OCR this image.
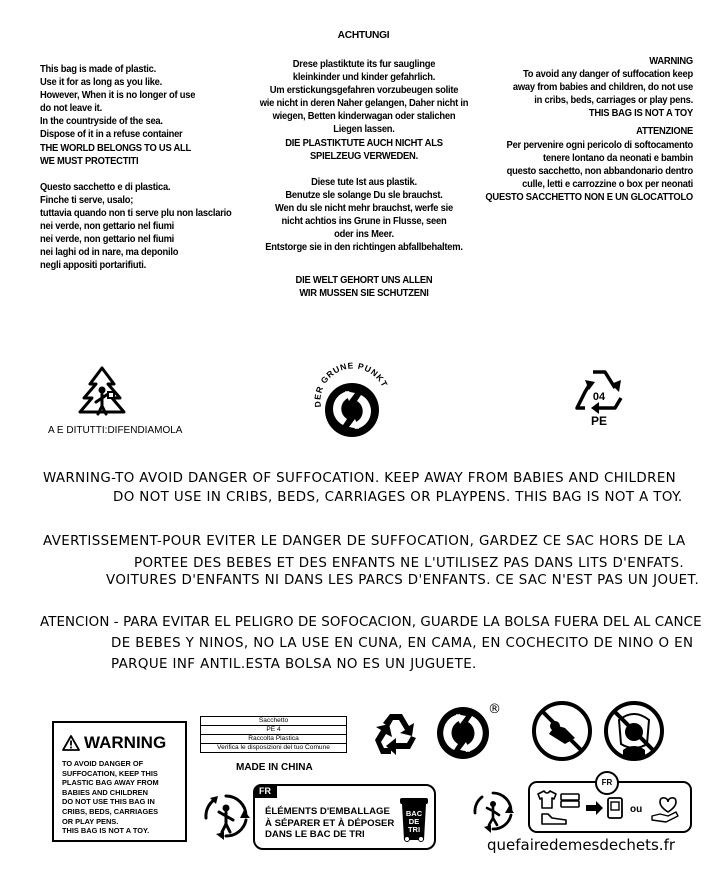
ACHTUNGI
This bag is made of plastic.
Use it for as long as you like.
However, When it is no longer of use
do not leave it.
In the countryside of the sea.
Dispose of it in a refuse container
THE WORLD BELONGS TO US ALL
WE MUST PROTECTITI
Questo sacchetto e di plastica.
Finche ti serve, usalo;
tuttavia quando non ti serve plu non lasclario
nei verde, non gettario nel fiumi
nei verde, non gettario nel fiumi
nei laghi od in nare, ma deponilo
negli appositi portarifiuti.
Drese plastiktute its fur sauglinge
kleinkinder und kinder gefahrlich.
Um erstickungsgefahren vorzubeugen solite
wie nicht in deren Naher gelangen, Daher nicht in
wiegen, Betten kinderwagan oder stalichen
Liegen lassen.
DIE PLASTIKTUTE AUCH NICHT ALS
SPIELZEUG VERWEDEN.
Diese tute Ist aus plastik.
Benutze sle solange Du sle brauchst.
Wen du sle nicht mehr brauchst, werfe sie
nicht achtios ins Grune in Flusse, seen
oder ins Meer.
Entstorge sie in den richtingen abfallbehaltem.
DIE WELT GEHORT UNS ALLEN
WIR MUSSEN SIE SCHUTZENI
WARNING
To avoid any danger of suffocation keep
away from babies and children, do not use
in cribs, beds, carriages or play pens.
THIS BAG IS NOT A TOY
ATTENZIONE
Per pervenire ogni pericolo di softocamento
tenere lontano da neonati e bambin
questo sacchetto, non abbandonario dentro
culle, letti e carrozzine o box per neonati
QUESTO SACCHETTO NON E UN GLOCATTOLO
A E DITUTTI:DIFENDIAMOLA
DER GRUNE PUNKT
04
PE
WARNING-TO AVOID DANGER OF SUFFOCATION. KEEP AWAY FROM BABIES AND CHILDREN
DO NOT USE IN CRIBS, BEDS, CARRIAGES OR PLAYPENS. THIS BAG IS NOT A TOY.
AVERTISSEMENT-POUR EVITER LE DANGER DE SUFFOCATION, GARDEZ CE SAC HORS DE LA
PORTEE DES BEBES ET DES ENFANTS NE L'UTILISEZ PAS DANS LITS D'ENFATS.
VOITURES D'ENFANTS NI DANS LES PARCS D'ENFANTS. CE SAC N'EST PAS UN JOUET.
ATENCION - PARA EVITAR EL PELIGRO DE SOFOCACION, GUARDE LA BOLSA FUERA DEL AL CANCE
DE BEBES Y NINOS, NO LA USE EN CUNA, EN CAMA, EN COCHECITO DE NINO O EN
PARQUE INF ANTIL.ESTA BOLSA NO ES UN JUGUETE.
WARNING
TO AVOID DANGER OF
SUFFOCATION, KEEP THIS
PLASTIC BAG AWAY FROM
BABIES AND CHILDREN
DO NOT USE THIS BAG IN
CRIBS, BEDS, CARRIAGES
OR PLAY PENS.
THIS BAG IS NOT A TOY.
Sacchetto
PE 4
Raccolta Plastica
Verifica le disposizioni del tuo Comune
MADE IN CHINA
®
FR
ÉLÉMENTS D'EMBALLAGE
À SÉPARER ET À DÉPOSER
DANS LE BAC DE TRI
BAC
DE
TRI
FR
ou
quefairedemesdechets.fr
